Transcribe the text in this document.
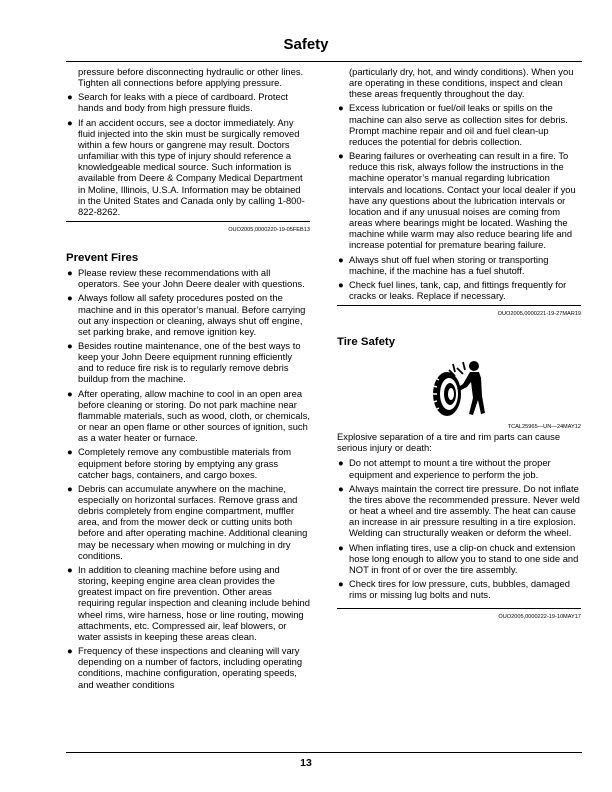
Safety

pressure before disconnecting hydraulic or other lines. Tighten all connections before applying pressure.

● Search for leaks with a piece of cardboard. Protect hands and body from high pressure fluids.
● If an accident occurs, see a doctor immediately. Any fluid injected into the skin must be surgically removed within a few hours or gangrene may result. Doctors unfamiliar with this type of injury should reference a knowledgeable medical source. Such information is available from Deere & Company Medical Department in Moline, Illinois, U.S.A. Information may be obtained in the United States and Canada only by calling 1-800-822-8262.
OUO2005,0000220-19-05FEB13
Prevent Fires
● Please review these recommendations with all operators. See your John Deere dealer with questions.
● Always follow all safety procedures posted on the machine and in this operator’s manual. Before carrying out any inspection or cleaning, always shut off engine, set parking brake, and remove ignition key.
● Besides routine maintenance, one of the best ways to keep your John Deere equipment running efficiently and to reduce fire risk is to regularly remove debris buildup from the machine.
● After operating, allow machine to cool in an open area before cleaning or storing. Do not park machine near flammable materials, such as wood, cloth, or chemicals, or near an open flame or other sources of ignition, such as a water heater or furnace.
● Completely remove any combustible materials from equipment before storing by emptying any grass catcher bags, containers, and cargo boxes.
● Debris can accumulate anywhere on the machine, especially on horizontal surfaces. Remove grass and debris completely from engine compartment, muffler area, and from the mower deck or cutting units both before and after operating machine. Additional cleaning may be necessary when mowing or mulching in dry conditions.
● In addition to cleaning machine before using and storing, keeping engine area clean provides the greatest impact on fire prevention. Other areas requiring regular inspection and cleaning include behind wheel rims, wire harness, hose or line routing, mowing attachments, etc. Compressed air, leaf blowers, or water assists in keeping these areas clean.
● Frequency of these inspections and cleaning will vary depending on a number of factors, including operating conditions, machine configuration, operating speeds, and weather conditions

(particularly dry, hot, and windy conditions). When you are operating in these conditions, inspect and clean these areas frequently throughout the day.

● Excess lubrication or fuel/oil leaks or spills on the machine can also serve as collection sites for debris. Prompt machine repair and oil and fuel clean-up reduces the potential for debris collection.
● Bearing failures or overheating can result in a fire. To reduce this risk, always follow the instructions in the machine operator’s manual regarding lubrication intervals and locations. Contact your local dealer if you have any questions about the lubrication intervals or location and if any unusual noises are coming from areas where bearings might be located. Washing the machine while warm may also reduce bearing life and increase potential for premature bearing failure.
● Always shut off fuel when storing or transporting machine, if the machine has a fuel shutoff.
● Check fuel lines, tank, cap, and fittings frequently for cracks or leaks. Replace if necessary.
OUO2005,0000221-19-27MAR19
Tire Safety
TCAL25965—UN—24MAY12

Explosive separation of a tire and rim parts can cause serious injury or death:

● Do not attempt to mount a tire without the proper equipment and experience to perform the job.
● Always maintain the correct tire pressure. Do not inflate the tires above the recommended pressure. Never weld or heat a wheel and tire assembly. The heat can cause an increase in air pressure resulting in a tire explosion. Welding can structurally weaken or deform the wheel.
● When inflating tires, use a clip-on chuck and extension hose long enough to allow you to stand to one side and NOT in front of or over the tire assembly.
● Check tires for low pressure, cuts, bubbles, damaged rims or missing lug bolts and nuts.
OUO2005,0000222-19-10MAY17
13
